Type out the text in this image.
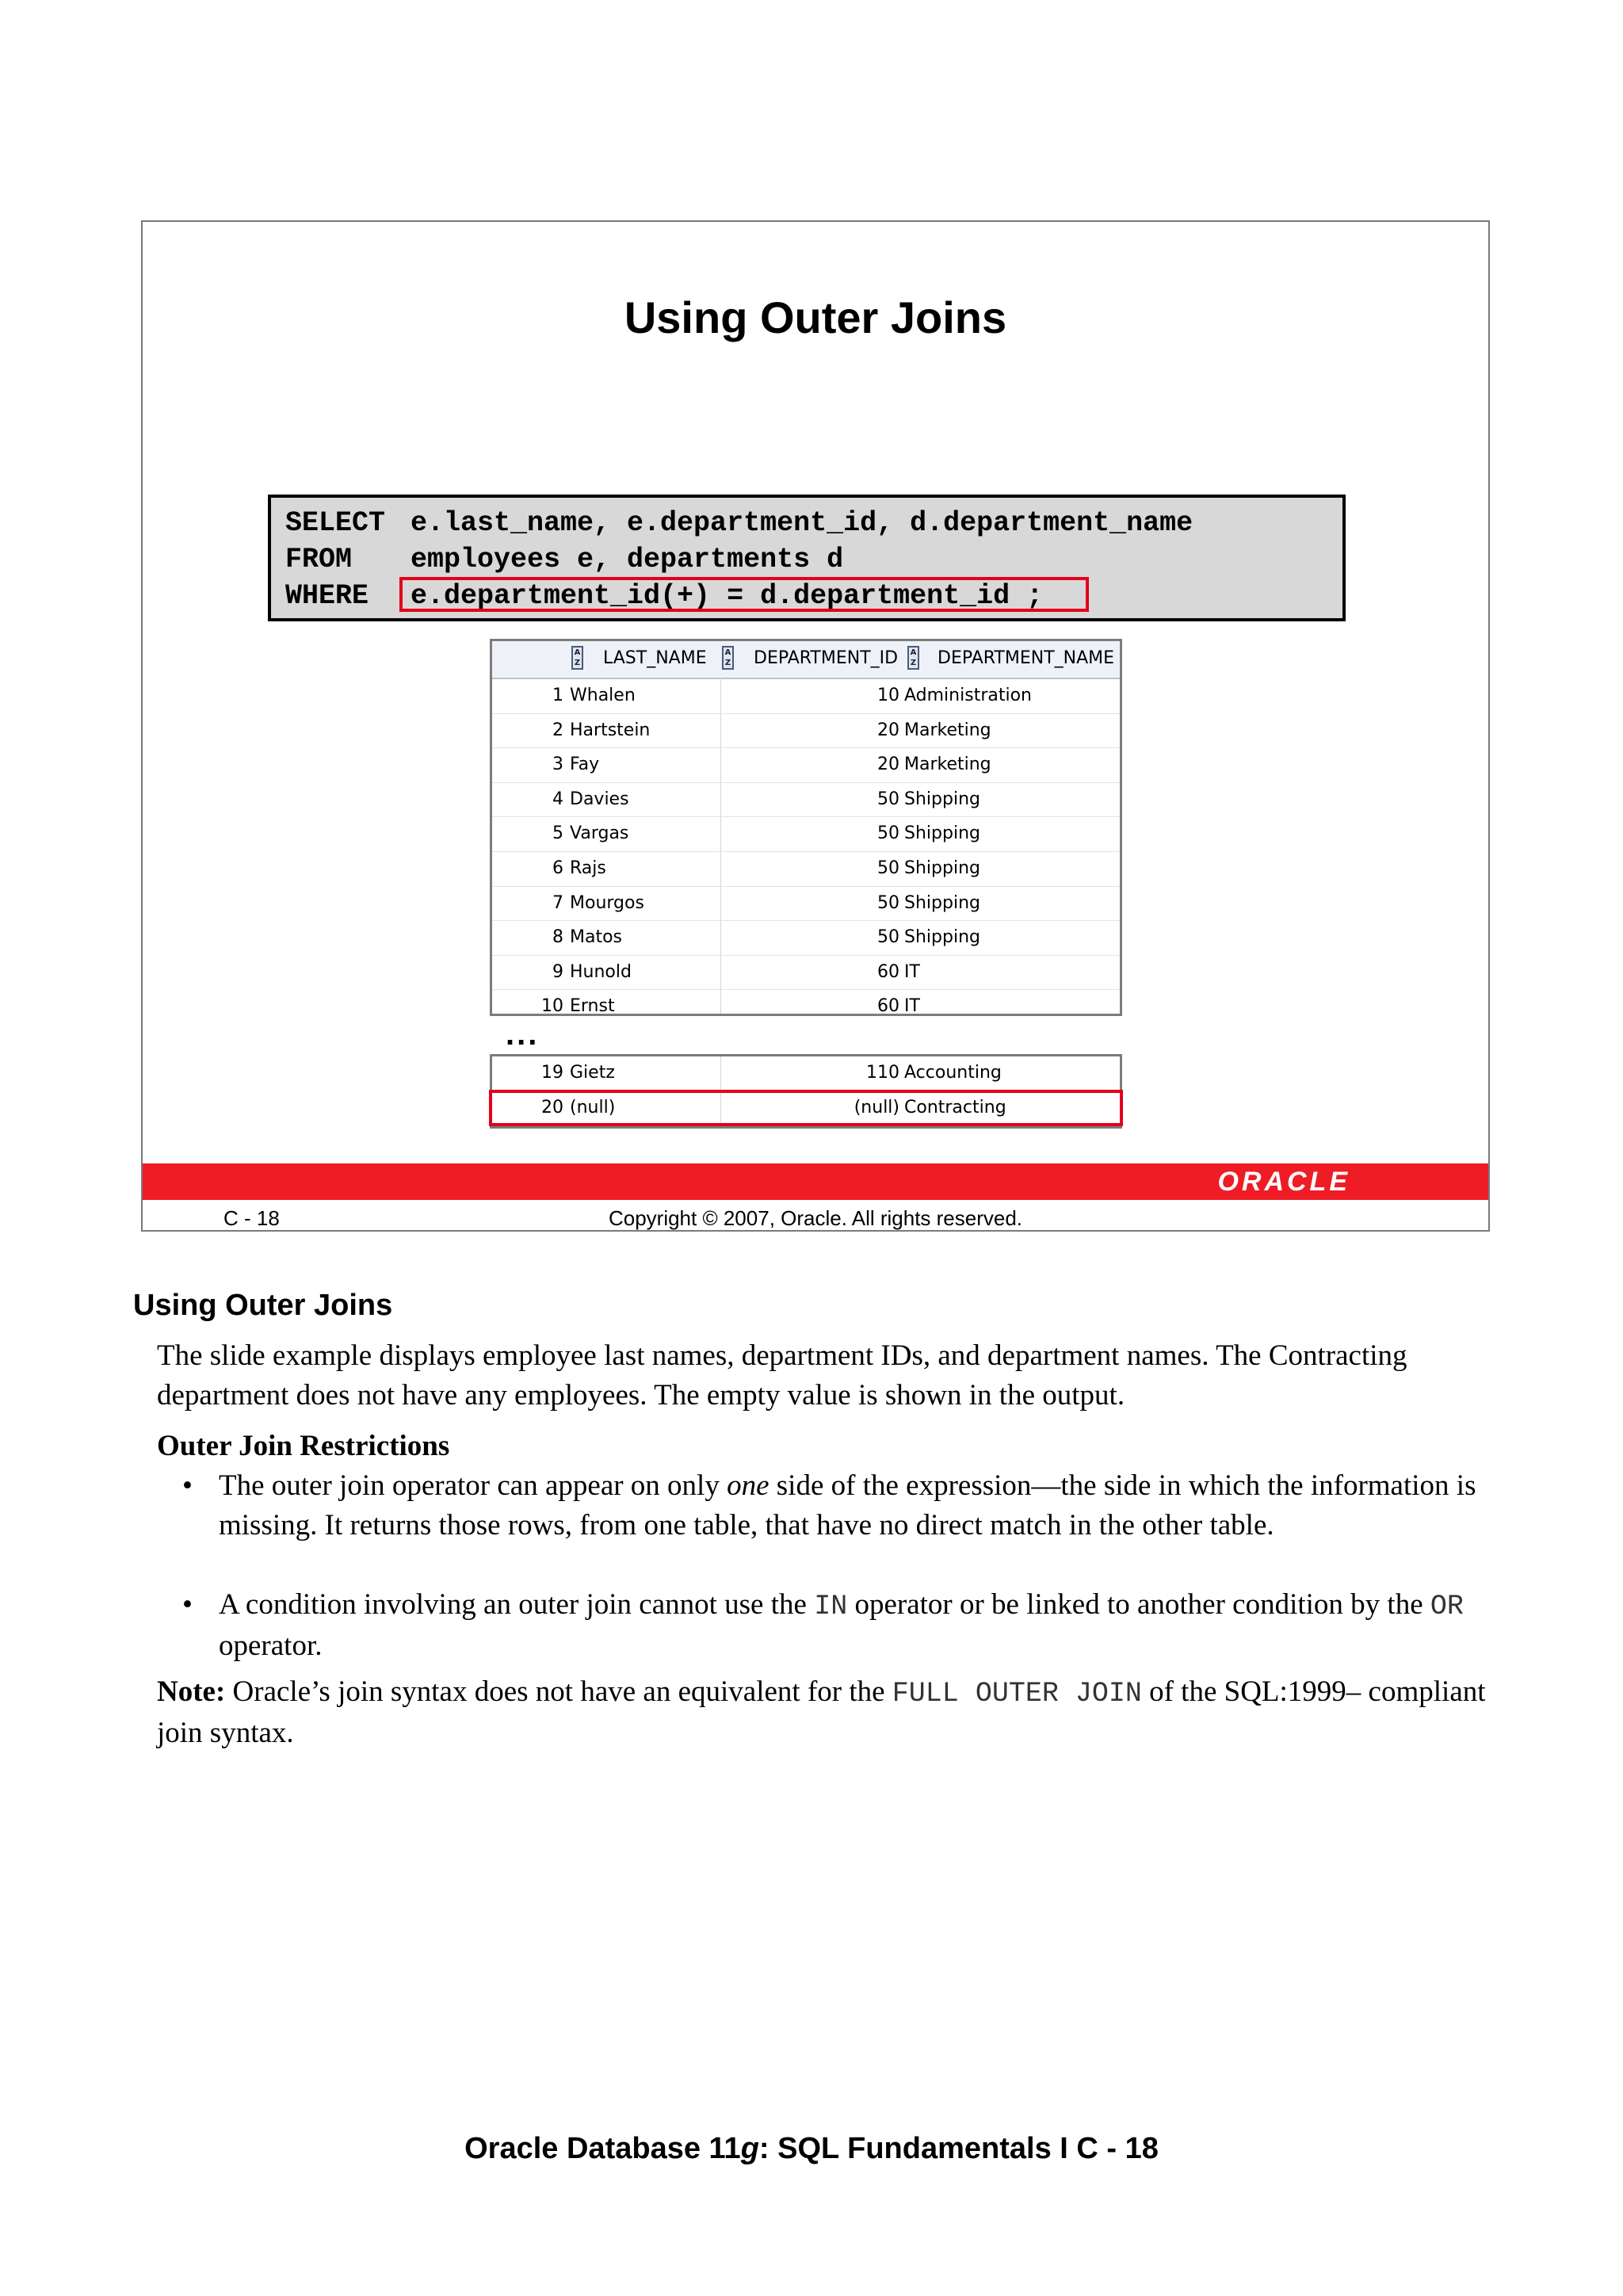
Using Outer Joins

SELECT

e.last_name, e.department_id, d.department_name

FROM

employees e, departments d

WHERE

e.department_id(+) = d.department_id ;

A Z LAST_NAME	A Z DEPARTMENT_ID	A Z DEPARTMENT_NAME
1 Whalen	10 Administration
2 Hartstein	20 Marketing
3 Fay	20 Marketing
4 Davies	50 Shipping
5 Vargas	50 Shipping
6 Rajs	50 Shipping
7 Mourgos	50 Shipping
8 Matos	50 Shipping
9 Hunold	60 IT
10 Ernst	60 IT
...
19 Gietz	110 Accounting
20 (null)	(null) Contracting
ORACLE
C - 18	Copyright © 2007, Oracle. All rights reserved.
Using Outer Joins
The slide example displays employee last names, department IDs, and department names. The Contracting department does not have any employees. The empty value is shown in the output.
Outer Join Restrictions
• The outer join operator can appear on only one side of the expression—the side in which the information is missing. It returns those rows, from one table, that have no direct match in the other table.
• A condition involving an outer join cannot use the IN operator or be linked to another condition by the OR operator.
Note: Oracle’s join syntax does not have an equivalent for the FULL OUTER JOIN of the SQL:1999– compliant join syntax.
Oracle Database 11g: SQL Fundamentals I C - 18
